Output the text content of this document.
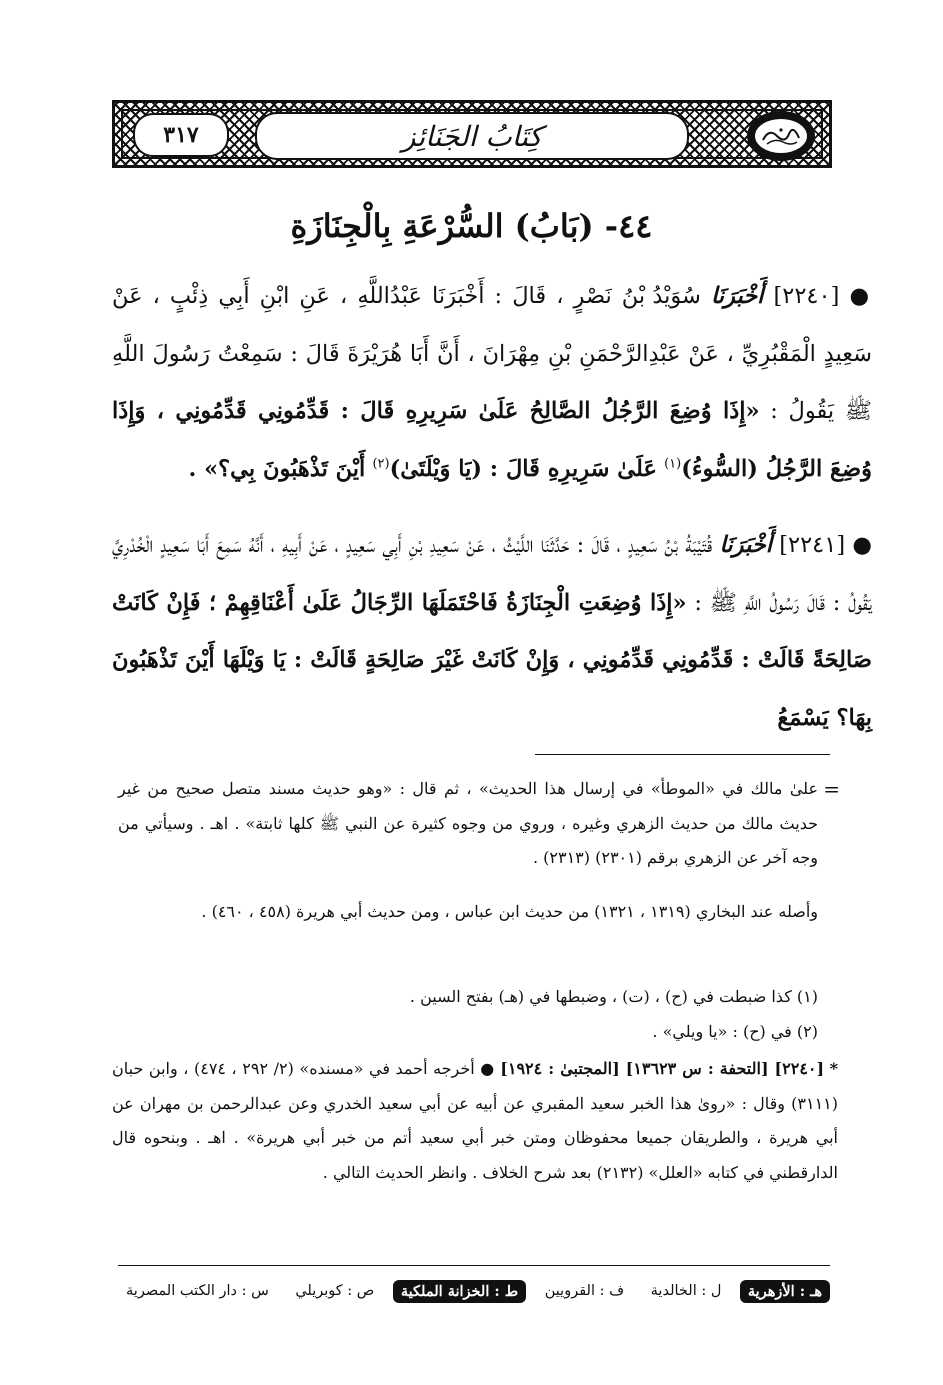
٣١٧	كِتَابُ الجَنَائِز
٤٤- (بَابُ) السُّرْعَةِ بِالْجِنَازَةِ
● [٢٢٤٠] أَخْبَرَنَا سُوَيْدُ بْنُ نَصْرٍ ، قَالَ : أَخْبَرَنَا عَبْدُاللَّهِ ، عَنِ ابْنِ أَبِي ذِئْبٍ ، عَنْ سَعِيدٍ الْمَقْبُرِيِّ ، عَنْ عَبْدِالرَّحْمَنِ بْنِ مِهْرَانَ ، أَنَّ أَبَا هُرَيْرَةَ قَالَ : سَمِعْتُ رَسُولَ اللَّهِ ﷺ يَقُولُ : «إِذَا وُضِعَ الرَّجُلُ الصَّالِحُ عَلَىٰ سَرِيرِهِ قَالَ : قَدِّمُونِي قَدِّمُونِي ، وَإِذَا وُضِعَ الرَّجُلُ (السُّوءُ)$^{(١)}$ عَلَىٰ سَرِيرِهِ قَالَ : (يَا وَيْلَتَىٰ)$^{(٢)}$ أَيْنَ تَذْهَبُونَ بِي؟» .
● [٢٢٤١] أَخْبَرَنَا قُتَيْبَةُ بْنُ سَعِيدٍ ، قَالَ : حَدَّثَنَا اللَّيْثُ ، عَنْ سَعِيدِ بْنِ أَبِي سَعِيدٍ ، عَنْ أَبِيهِ ، أَنَّهُ سَمِعَ أَبَا سَعِيدٍ الْخُدْرِيَّ يَقُولُ : قَالَ رَسُولُ اللَّهِ ﷺ : «إِذَا وُضِعَتِ الْجِنَازَةُ فَاحْتَمَلَهَا الرِّجَالُ عَلَىٰ أَعْنَاقِهِمْ ؛ فَإِنْ كَانَتْ صَالِحَةً قَالَتْ : قَدِّمُونِي قَدِّمُونِي ، وَإِنْ كَانَتْ غَيْرَ صَالِحَةٍ قَالَتْ : يَا وَيْلَهَا أَيْنَ تَذْهَبُونَ بِهَا؟ يَسْمَعُ
=
علىٰ مالك في «الموطأ» في إرسال هذا الحديث» ، ثم قال : «وهو حديث مسند متصل صحيح من غير حديث مالك من حديث الزهري وغيره ، وروي من وجوه كثيرة عن النبي ﷺ كلها ثابتة» . اهـ . وسيأتي من وجه آخر عن الزهري برقم (٢٣٠١) (٢٣١٣) .
وأصله عند البخاري (١٣١٩ ، ١٣٢١) من حديث ابن عباس ، ومن حديث أبي هريرة (٤٥٨ ، ٤٦٠) .
(١) كذا ضبطت في (ح) ، (ت) ، وضبطها في (هـ) بفتح السين .
(٢) في (ح) : «يا ويلي» .
* [٢٢٤٠] [التحفة : س ١٣٦٢٣] [المجتبىٰ : ١٩٢٤] ● أخرجه أحمد في «مسنده» (٢/ ٢٩٢ ، ٤٧٤) ، وابن حبان (٣١١١) وقال : «روىٰ هذا الخبر سعيد المقبري عن أبيه عن أبي سعيد الخدري وعن عبدالرحمن بن مهران عن أبي هريرة ، والطريقان جميعا محفوظان ومتن خبر أبي سعيد أتم من خبر أبي هريرة» . اهـ . وبنحوه قال الدارقطني في كتابه «العلل» (٢١٣٢) بعد شرح الخلاف . وانظر الحديث التالي .
س : دار الكتب المصرية	ص : كوبريلي	ط : الخزانة الملكية	ف : القرويين	ل : الخالدية	هـ : الأزهرية
